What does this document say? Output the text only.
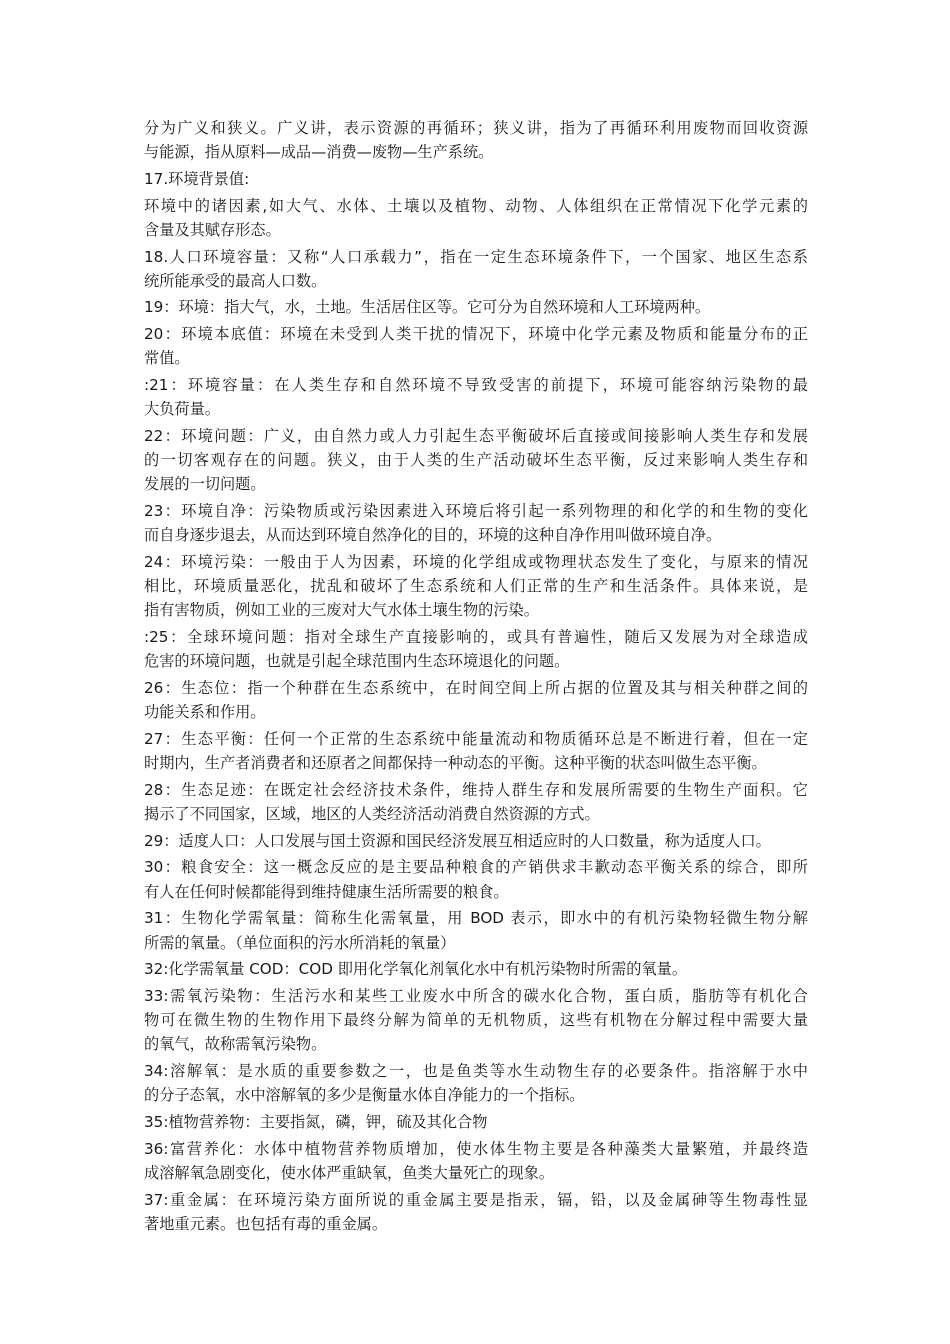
分为广义和狭义。广义讲，表示资源的再循环；狭义讲，指为了再循环利用废物而回收资源
与能源，指从原料—成品—消费—废物—生产系统。

17.环境背景值:

环境中的诸因素,如大气、水体、土壤以及植物、动物、人体组织在正常情况下化学元素的
含量及其赋存形态。

18.人口环境容量：又称“人口承载力”，指在一定生态环境条件下，一个国家、地区生态系
统所能承受的最高人口数。

19：环境：指大气，水，土地。生活居住区等。它可分为自然环境和人工环境两种。

20：环境本底值：环境在未受到人类干扰的情况下，环境中化学元素及物质和能量分布的正
常值。

:21：环境容量：在人类生存和自然环境不导致受害的前提下，环境可能容纳污染物的最
大负荷量。

22：环境问题：广义，由自然力或人力引起生态平衡破坏后直接或间接影响人类生存和发展
的一切客观存在的问题。狭义，由于人类的生产活动破坏生态平衡，反过来影响人类生存和
发展的一切问题。

23：环境自净：污染物质或污染因素进入环境后将引起一系列物理的和化学的和生物的变化
而自身逐步退去，从而达到环境自然净化的目的，环境的这种自净作用叫做环境自净。

24：环境污染：一般由于人为因素，环境的化学组成或物理状态发生了变化，与原来的情况
相比，环境质量恶化，扰乱和破坏了生态系统和人们正常的生产和生活条件。具体来说，是
指有害物质，例如工业的三废对大气水体土壤生物的污染。

:25：全球环境问题：指对全球生产直接影响的，或具有普遍性，随后又发展为对全球造成
危害的环境问题，也就是引起全球范围内生态环境退化的问题。

26：生态位：指一个种群在生态系统中，在时间空间上所占据的位置及其与相关种群之间的
功能关系和作用。

27：生态平衡：任何一个正常的生态系统中能量流动和物质循环总是不断进行着，但在一定
时期内，生产者消费者和还原者之间都保持一种动态的平衡。这种平衡的状态叫做生态平衡。

28：生态足迹：在既定社会经济技术条件，维持人群生存和发展所需要的生物生产面积。它
揭示了不同国家，区域，地区的人类经济活动消费自然资源的方式。

29：适度人口：人口发展与国土资源和国民经济发展互相适应时的人口数量，称为适度人口。

30：粮食安全：这一概念反应的是主要品种粮食的产销供求丰歉动态平衡关系的综合，即所
有人在任何时候都能得到维持健康生活所需要的粮食。

31：生物化学需氧量：简称生化需氧量，用 BOD 表示，即水中的有机污染物轻微生物分解
所需的氧量。（单位面积的污水所消耗的氧量）

32:化学需氧量 COD：COD 即用化学氧化剂氧化水中有机污染物时所需的氧量。

33:需氧污染物：生活污水和某些工业废水中所含的碳水化合物，蛋白质，脂肪等有机化合
物可在微生物的生物作用下最终分解为简单的无机物质，这些有机物在分解过程中需要大量
的氧气，故称需氧污染物。

34:溶解氧：是水质的重要参数之一，也是鱼类等水生动物生存的必要条件。指溶解于水中
的分子态氧，水中溶解氧的多少是衡量水体自净能力的一个指标。

35:植物营养物：主要指氮，磷，钾，硫及其化合物

36:富营养化：水体中植物营养物质增加，使水体生物主要是各种藻类大量繁殖，并最终造
成溶解氧急剧变化，使水体严重缺氧，鱼类大量死亡的现象。

37:重金属：在环境污染方面所说的重金属主要是指汞，镉，铅，以及金属砷等生物毒性显
著地重元素。也包括有毒的重金属。
